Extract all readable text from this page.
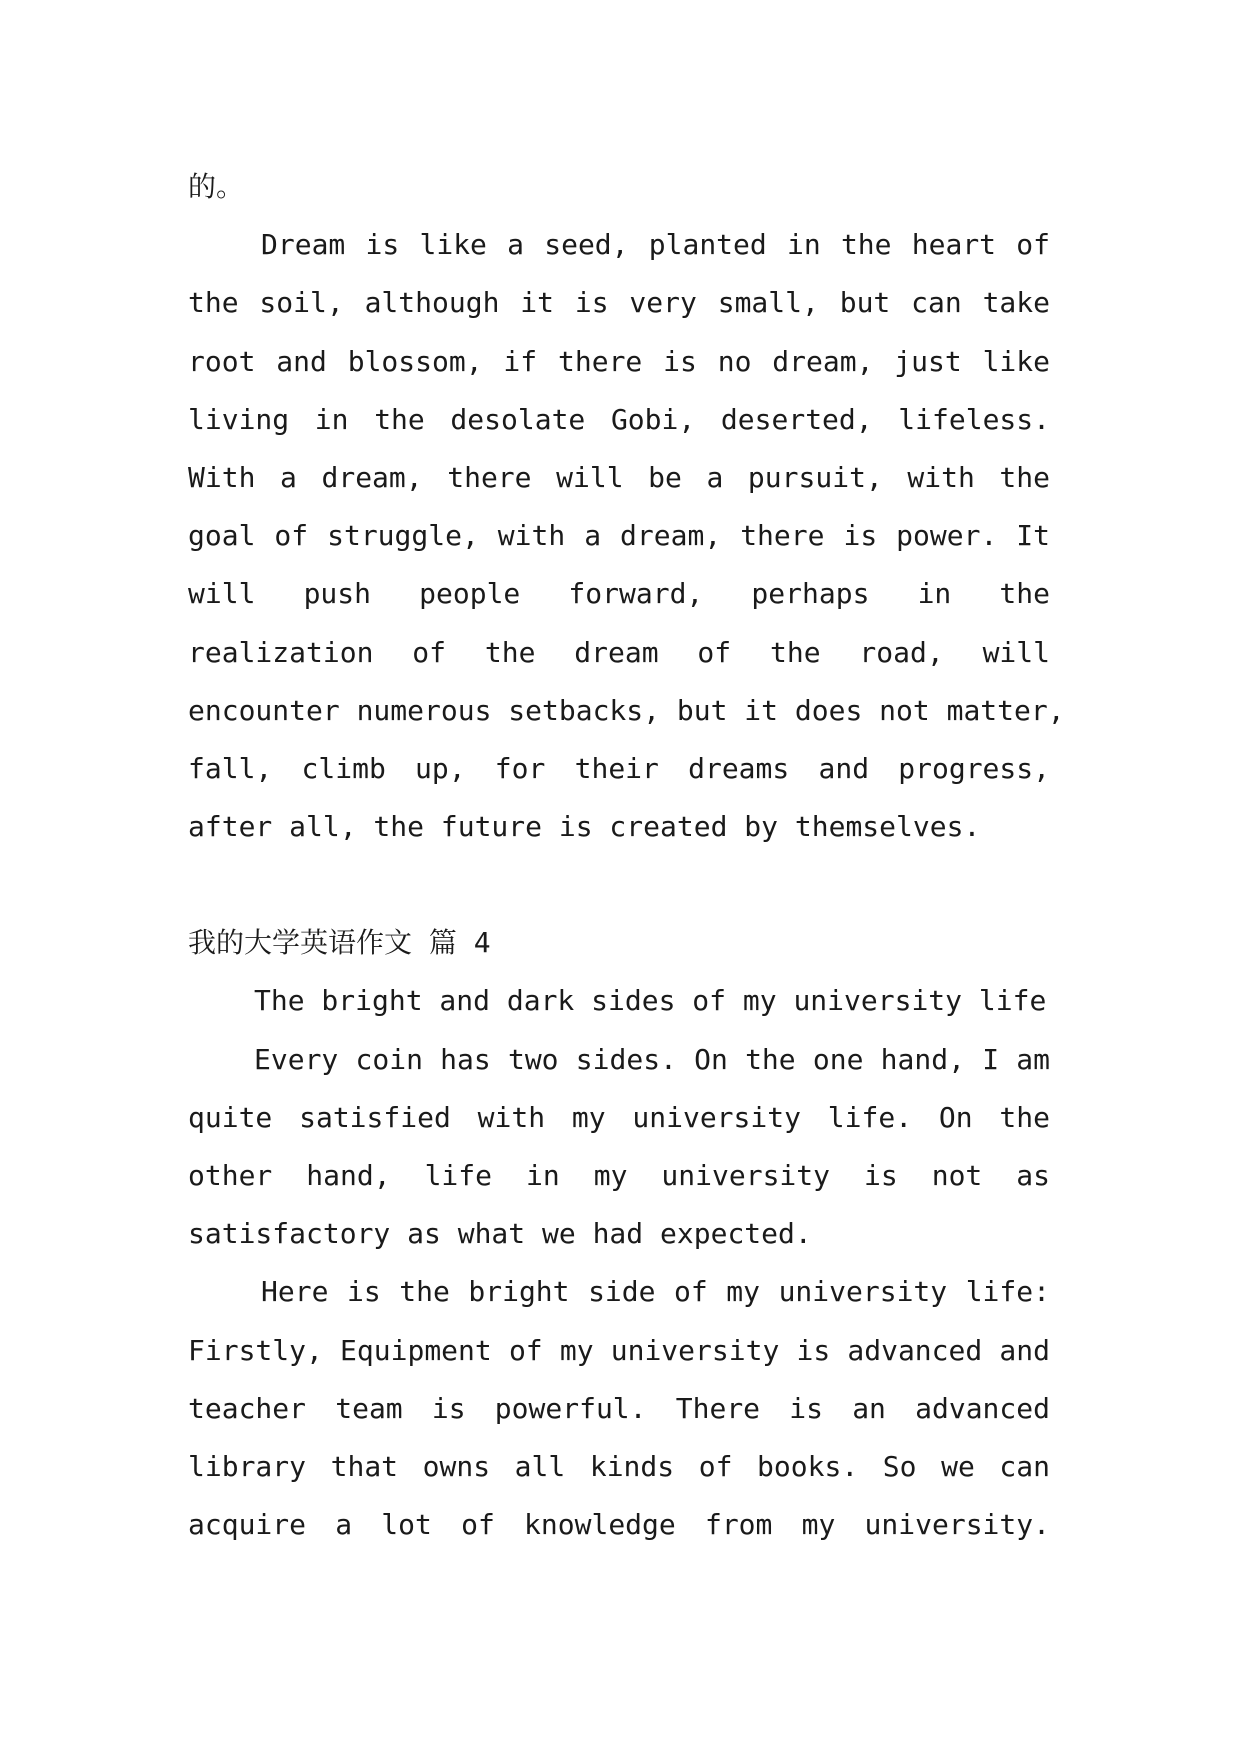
的。
Dream is like a seed, planted in the heart of
the soil, although it is very small, but can take
root and blossom, if there is no dream, just like
living in the desolate Gobi, deserted, lifeless.
With a dream, there will be a pursuit, with the
goal of struggle, with a dream, there is power. It
will push people forward, perhaps in the
realization of the dream of the road, will
encounter numerous setbacks, but it does not matter,
fall, climb up, for their dreams and progress,
after all, the future is created by themselves.
我的大学英语作文 篇 4
The bright and dark sides of my university life
Every coin has two sides. On the one hand, I am
quite satisfied with my university life. On the
other hand, life in my university is not as
satisfactory as what we had expected.
Here is the bright side of my university life:
Firstly, Equipment of my university is advanced and
teacher team is powerful. There is an advanced
library that owns all kinds of books. So we can
acquire a lot of knowledge from my university.
